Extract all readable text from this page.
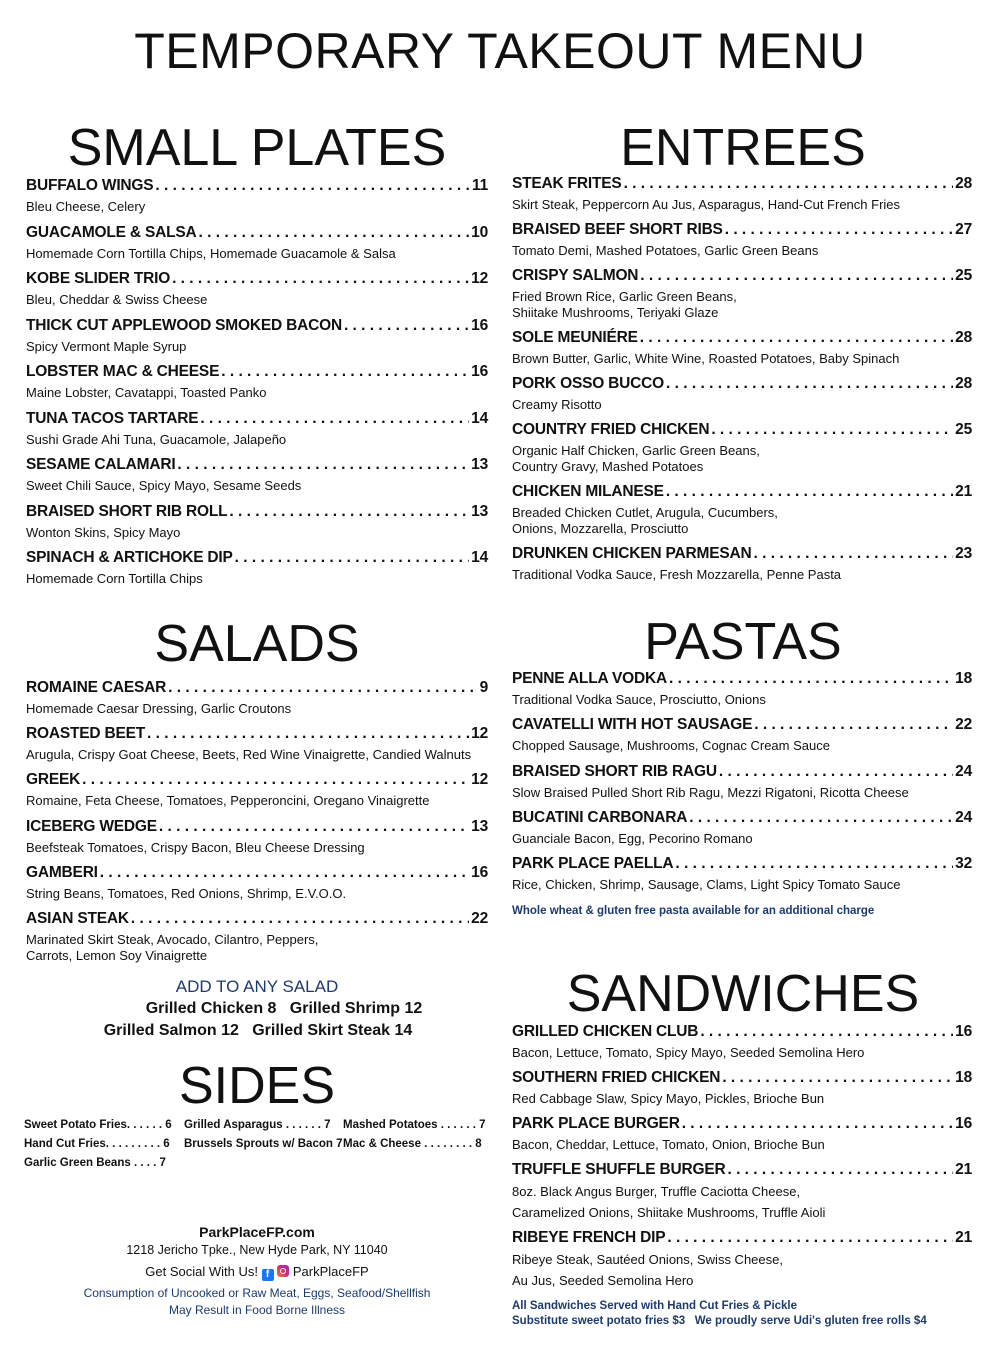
TEMPORARY TAKEOUT MENU
SMALL PLATES
BUFFALO WINGS . . .	11
Bleu Cheese, Celery
GUACAMOLE & SALSA . . .	10
Homemade Corn Tortilla Chips, Homemade Guacamole & Salsa
KOBE SLIDER TRIO . . .	12
Bleu, Cheddar & Swiss Cheese
THICK CUT APPLEWOOD SMOKED BACON . . .	16
Spicy Vermont Maple Syrup
LOBSTER MAC & CHEESE . . .	16
Maine Lobster, Cavatappi, Toasted Panko
TUNA TACOS TARTARE . . .	14
Sushi Grade Ahi Tuna, Guacamole, Jalapeño
SESAME CALAMARI . . .	13
Sweet Chili Sauce, Spicy Mayo, Sesame Seeds
BRAISED SHORT RIB ROLL . . .	13
Wonton Skins, Spicy Mayo
SPINACH & ARTICHOKE DIP . . .	14
Homemade Corn Tortilla Chips
SALADS
ROMAINE CAESAR . . .	9
Homemade Caesar Dressing, Garlic Croutons
ROASTED BEET . . .	12
Arugula, Crispy Goat Cheese, Beets, Red Wine Vinaigrette, Candied Walnuts
GREEK . . .	12
Romaine, Feta Cheese, Tomatoes, Pepperoncini, Oregano Vinaigrette
ICEBERG WEDGE . . .	13
Beefsteak Tomatoes, Crispy Bacon, Bleu Cheese Dressing
GAMBERI . . .	16
String Beans, Tomatoes, Red Onions, Shrimp, E.V.O.O.
ASIAN STEAK . . .	22
Marinated Skirt Steak, Avocado, Cilantro, Peppers,
Carrots, Lemon Soy Vinaigrette
ADD TO ANY SALAD
Grilled Chicken 8   Grilled Shrimp 12
Grilled Salmon 12   Grilled Skirt Steak 14
SIDES
Sweet Potato Fries. . . . . . 6 Grilled Asparagus . . . . . . 7 Mashed Potatoes . . . . . . 7
Hand Cut Fries. . . . . . . . . 6 Brussels Sprouts w/ Bacon 7 Mac & Cheese . . . . . . . . 8
Garlic Green Beans . . . . 7
ParkPlaceFP.com
1218 Jericho Tpke., New Hyde Park, NY 11040
Get Social With Us! f ParkPlaceFP
Consumption of Uncooked or Raw Meat, Eggs, Seafood/Shellfish
May Result in Food Borne Illness
ENTREES
STEAK FRITES . . .	28
Skirt Steak, Peppercorn Au Jus, Asparagus, Hand-Cut French Fries
BRAISED BEEF SHORT RIBS . . .	27
Tomato Demi, Mashed Potatoes, Garlic Green Beans
CRISPY SALMON . . .	25
Fried Brown Rice, Garlic Green Beans,
Shiitake Mushrooms, Teriyaki Glaze
SOLE MEUNIÉRE . . .	28
Brown Butter, Garlic, White Wine, Roasted Potatoes, Baby Spinach
PORK OSSO BUCCO . . .	28
Creamy Risotto
COUNTRY FRIED CHICKEN . . .	25
Organic Half Chicken, Garlic Green Beans,
Country Gravy, Mashed Potatoes
CHICKEN MILANESE . . .	21
Breaded Chicken Cutlet, Arugula, Cucumbers,
Onions, Mozzarella, Prosciutto
DRUNKEN CHICKEN PARMESAN . . .	23
Traditional Vodka Sauce, Fresh Mozzarella, Penne Pasta
PASTAS
PENNE ALLA VODKA . . .	18
Traditional Vodka Sauce, Prosciutto, Onions
CAVATELLI WITH HOT SAUSAGE . . .	22
Chopped Sausage, Mushrooms, Cognac Cream Sauce
BRAISED SHORT RIB RAGU . . .	24
Slow Braised Pulled Short Rib Ragu, Mezzi Rigatoni, Ricotta Cheese
BUCATINI CARBONARA . . .	24
Guanciale Bacon, Egg, Pecorino Romano
PARK PLACE PAELLA . . .	32
Rice, Chicken, Shrimp, Sausage, Clams, Light Spicy Tomato Sauce
Whole wheat & gluten free pasta available for an additional charge
SANDWICHES
GRILLED CHICKEN CLUB . . .	16
Bacon, Lettuce, Tomato, Spicy Mayo, Seeded Semolina Hero
SOUTHERN FRIED CHICKEN . . .	18
Red Cabbage Slaw, Spicy Mayo, Pickles, Brioche Bun
PARK PLACE BURGER . . .	16
Bacon, Cheddar, Lettuce, Tomato, Onion, Brioche Bun
TRUFFLE SHUFFLE BURGER . . .	21
8oz. Black Angus Burger, Truffle Caciotta Cheese,
Caramelized Onions, Shiitake Mushrooms, Truffle Aioli
RIBEYE FRENCH DIP . . .	21
Ribeye Steak, Sautéed Onions, Swiss Cheese,
Au Jus, Seeded Semolina Hero
All Sandwiches Served with Hand Cut Fries & Pickle
Substitute sweet potato fries $3   We proudly serve Udi's gluten free rolls $4
